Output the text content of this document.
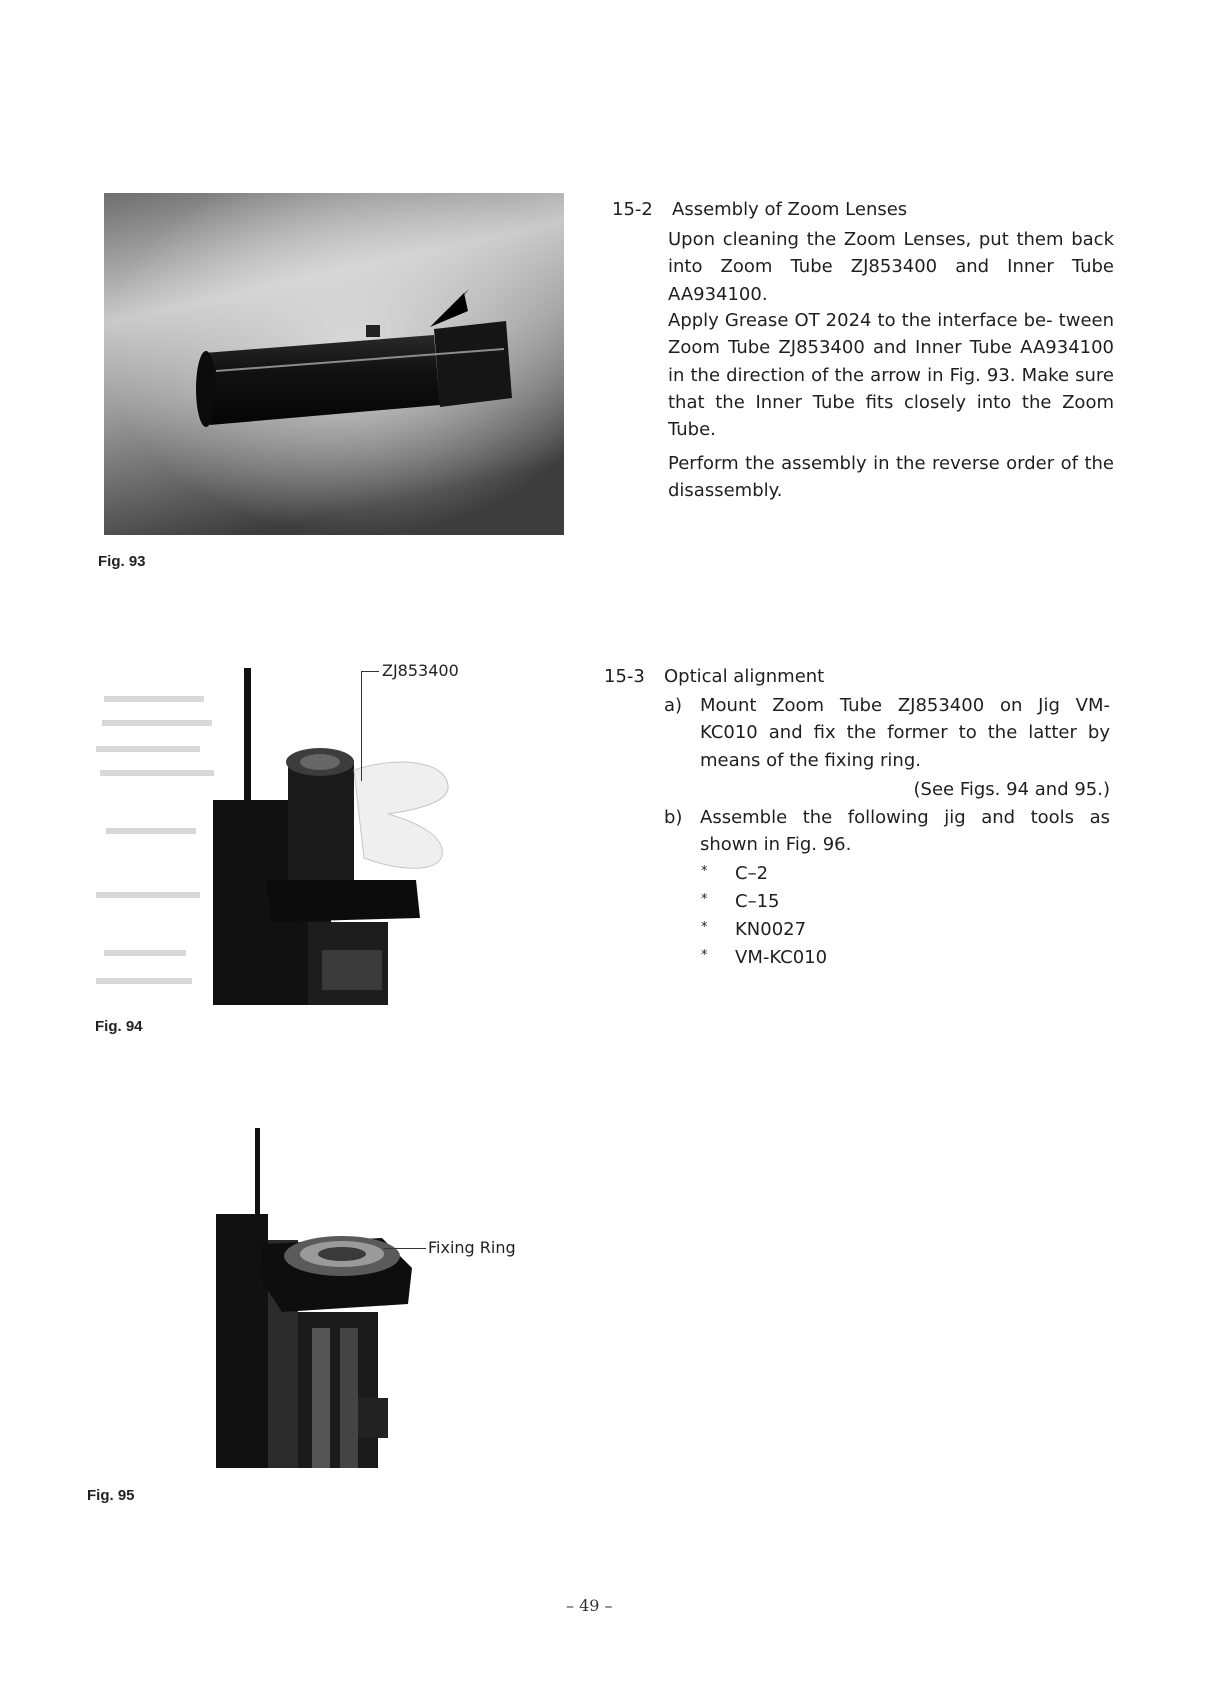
Fig. 93
ZJ853400
Fig. 94
Fixing Ring
Fig. 95
15-2 Assembly of Zoom Lenses
Upon cleaning the Zoom Lenses, put them back into Zoom Tube ZJ853400 and Inner Tube AA934100.
Apply Grease OT 2024 to the interface be- tween Zoom Tube ZJ853400 and Inner Tube AA934100 in the direction of the arrow in Fig. 93. Make sure that the Inner Tube fits closely into the Zoom Tube.
Perform the assembly in the reverse order of the disassembly.
15-3 Optical alignment
a) Mount Zoom Tube ZJ853400 on Jig VM- KC010 and fix the former to the latter by means of the fixing ring.
(See Figs. 94 and 95.)
b) Assemble the following jig and tools as shown in Fig. 96.
* C–2
* C–15
* KN0027
* VM-KC010
– 49 –
